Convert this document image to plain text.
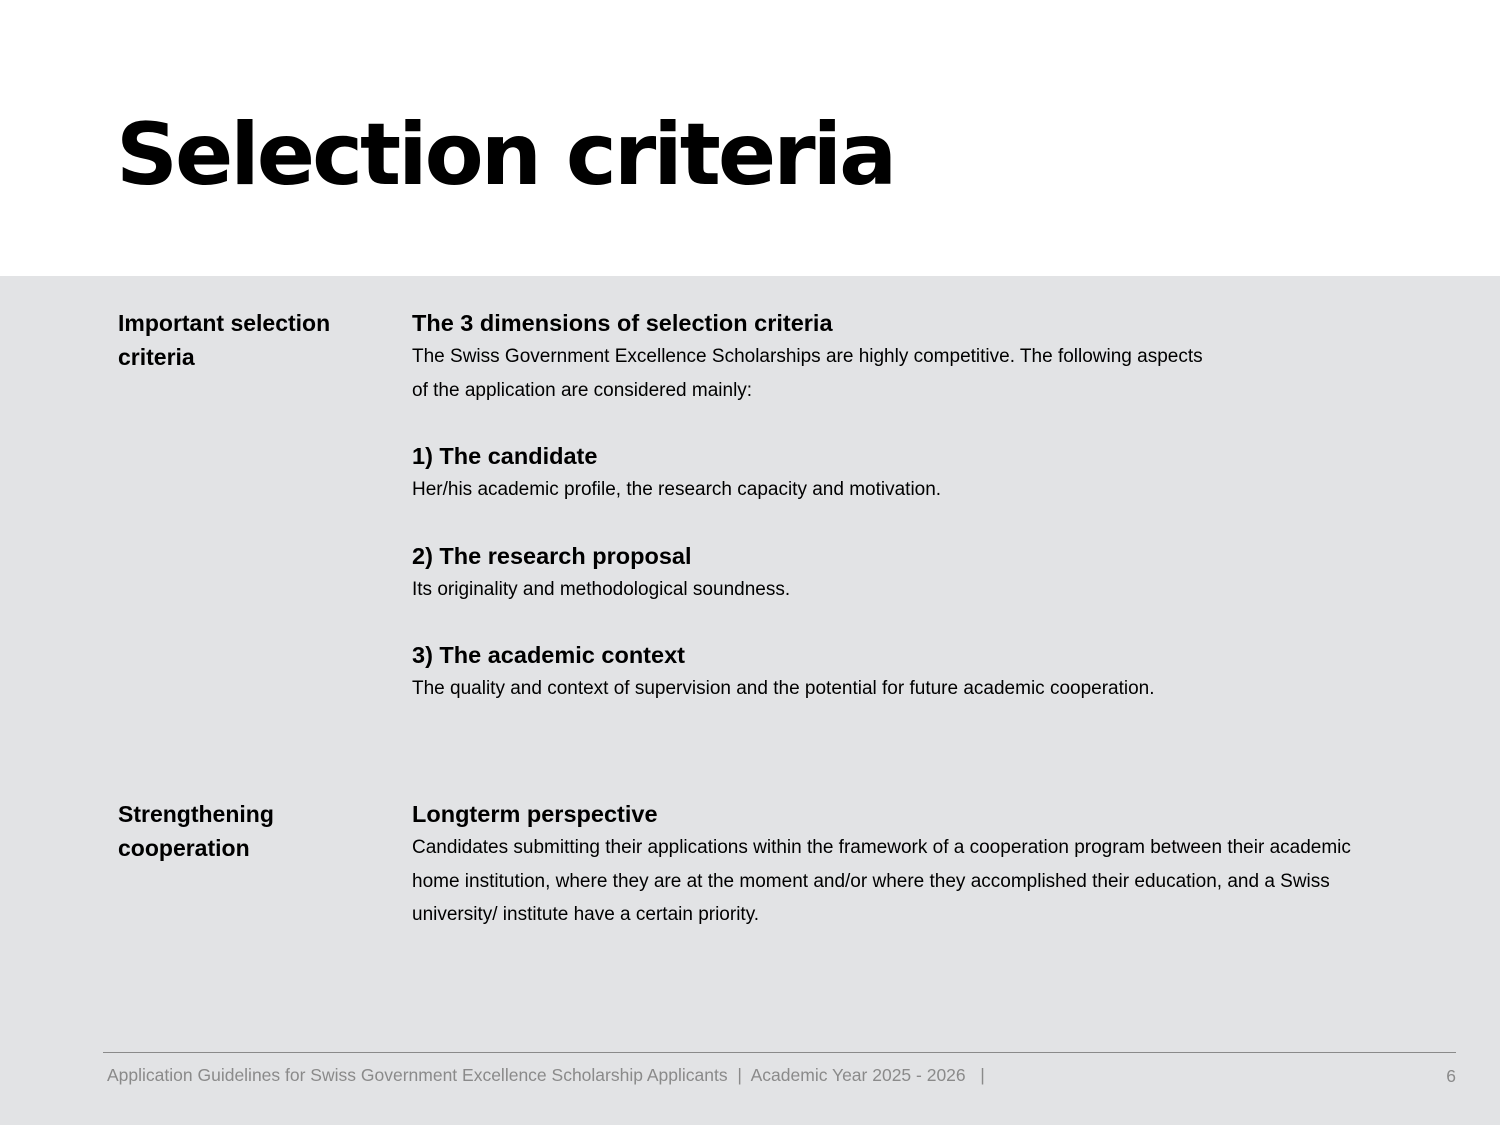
Selection criteria
Important selection criteria

The 3 dimensions of selection criteria

The Swiss Government Excellence Scholarships are highly competitive. The following aspects of the application are considered mainly:

1) The candidate

Her/his academic profile, the research capacity and motivation.

2) The research proposal

Its originality and methodological soundness.

3) The academic context

The quality and context of supervision and the potential for future academic cooperation.

Strengthening cooperation

Longterm perspective

Candidates submitting their applications within the framework of a cooperation program between their academic home institution, where they are at the moment and/or where they accomplished their education, and a Swiss university/ institute have a certain priority.

Application Guidelines for Swiss Government Excellence Scholarship Applicants  |  Academic Year 2025 - 2026   |	6
